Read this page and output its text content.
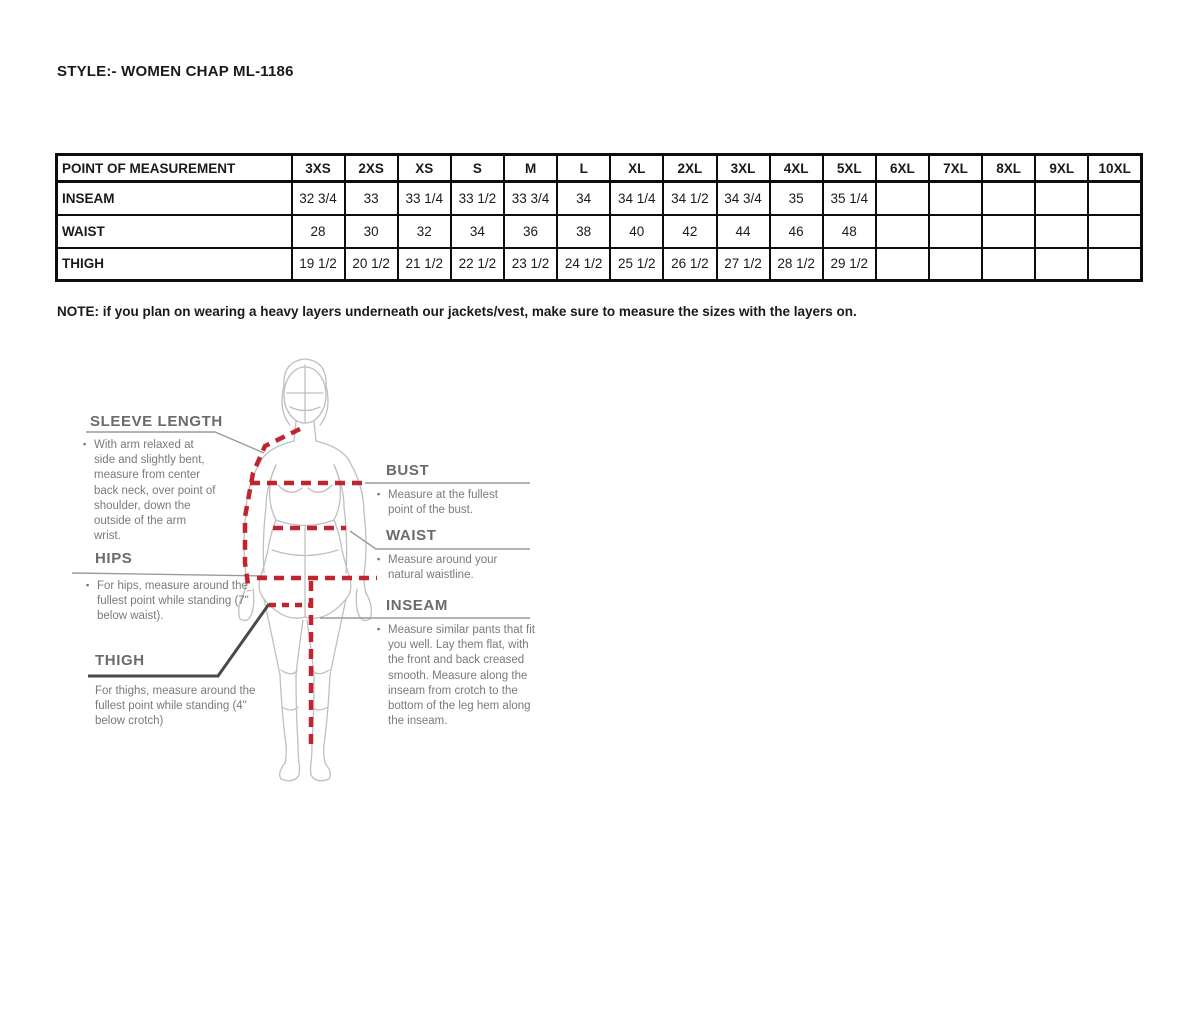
STYLE:- WOMEN CHAP ML-1186
POINT OF MEASUREMENT	3XS	2XS	XS	S	M	L	XL	2XL	3XL	4XL	5XL	6XL	7XL	8XL	9XL	10XL
INSEAM	32 3/4	33	33 1/4	33 1/2	33 3/4	34	34 1/4	34 1/2	34 3/4	35	35 1/4					
WAIST	28	30	32	34	36	38	40	42	44	46	48					
THIGH	19 1/2	20 1/2	21 1/2	22 1/2	23 1/2	24 1/2	25 1/2	26 1/2	27 1/2	28 1/2	29 1/2					
NOTE: if you plan on wearing a heavy layers underneath our jackets/vest, make sure to measure the sizes with the layers on.
SLEEVE LENGTH
▪ With arm relaxed at side and slightly bent, measure from center back neck, over point of shoulder, down the outside of the arm wrist.
HIPS
▪ For hips, measure around the fullest point while standing (7" below waist).
THIGH
For thighs, measure around the fullest point while standing (4" below crotch)
BUST
▪ Measure at the fullest point of the bust.
WAIST
▪ Measure around your natural waistline.
INSEAM
▪ Measure similar pants that fit you well. Lay them flat, with the front and back creased smooth. Measure along the inseam from crotch to the bottom of the leg hem along the inseam.
